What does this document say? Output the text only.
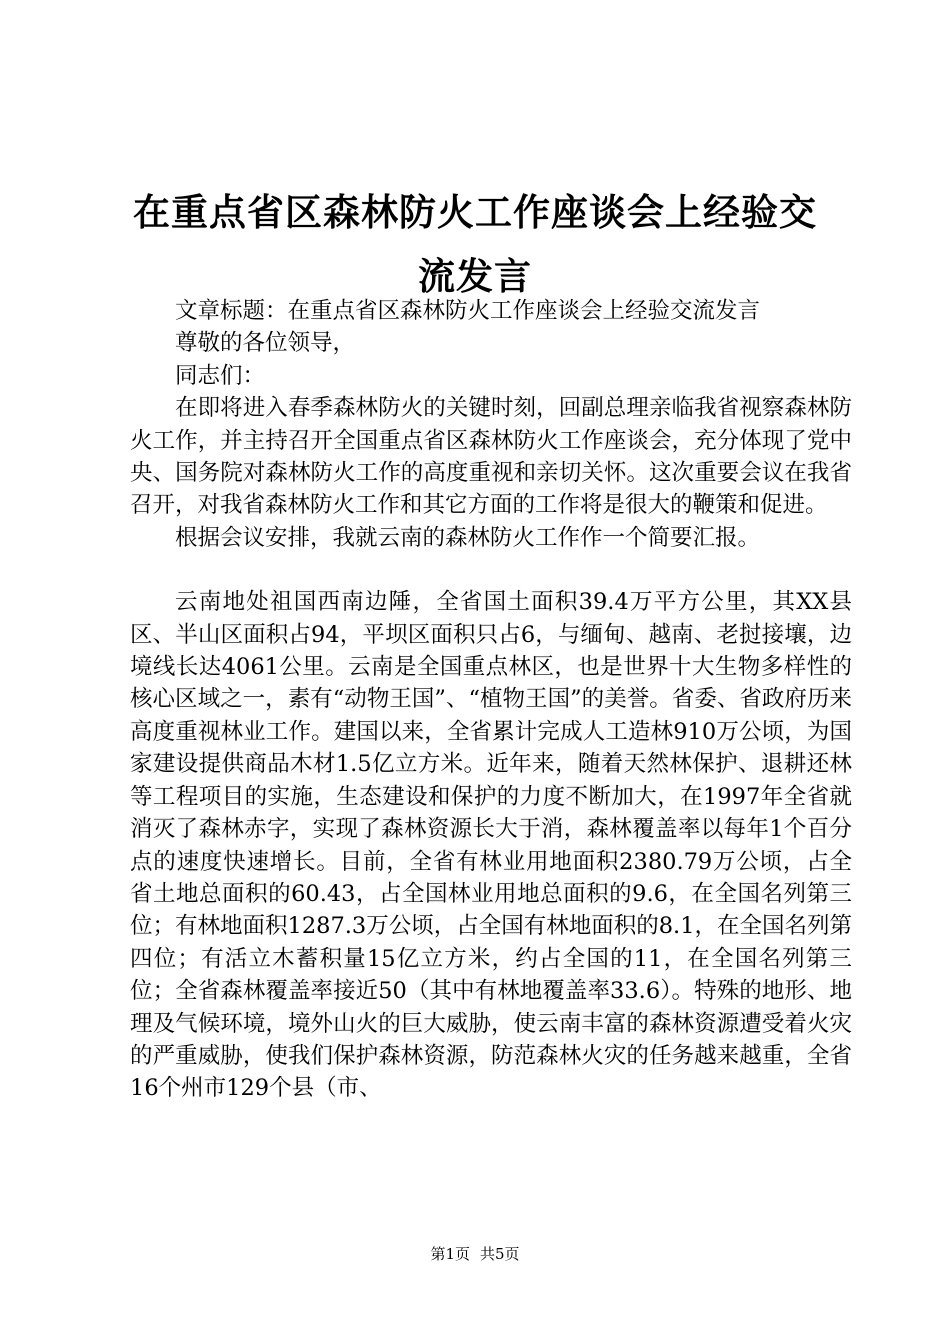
在重点省区森林防火工作座谈会上经验交流发言

文章标题：在重点省区森林防火工作座谈会上经验交流发言

尊敬的各位领导，

同志们：

在即将进入春季森林防火的关键时刻，回副总理亲临我省视察森林防火工作，并主持召开全国重点省区森林防火工作座谈会，充分体现了党中央、国务院对森林防火工作的高度重视和亲切关怀。这次重要会议在我省召开，对我省森林防火工作和其它方面的工作将是很大的鞭策和促进。

根据会议安排，我就云南的森林防火工作作一个简要汇报。

云南地处祖国西南边陲，全省国土面积39.4万平方公里，其XX县区、半山区面积占94，平坝区面积只占6，与缅甸、越南、老挝接壤，边境线长达4061公里。云南是全国重点林区，也是世界十大生物多样性的核心区域之一，素有“动物王国”、“植物王国”的美誉。省委、省政府历来高度重视林业工作。建国以来，全省累计完成人工造林910万公顷，为国家建设提供商品木材1.5亿立方米。近年来，随着天然林保护、退耕还林等工程项目的实施，生态建设和保护的力度不断加大，在1997年全省就消灭了森林赤字，实现了森林资源长大于消，森林覆盖率以每年1个百分点的速度快速增长。目前，全省有林业用地面积2380.79万公顷，占全省土地总面积的60.43，占全国林业用地总面积的9.6，在全国名列第三位；有林地面积1287.3万公顷，占全国有林地面积的8.1，在全国名列第四位；有活立木蓄积量15亿立方米，约占全国的11，在全国名列第三位；全省森林覆盖率接近50（其中有林地覆盖率33.6）。特殊的地形、地理及气候环境，境外山火的巨大威胁，使云南丰富的森林资源遭受着火灾的严重威胁，使我们保护森林资源，防范森林火灾的任务越来越重，全省16个州市129个县（市、

第1页 共5页
